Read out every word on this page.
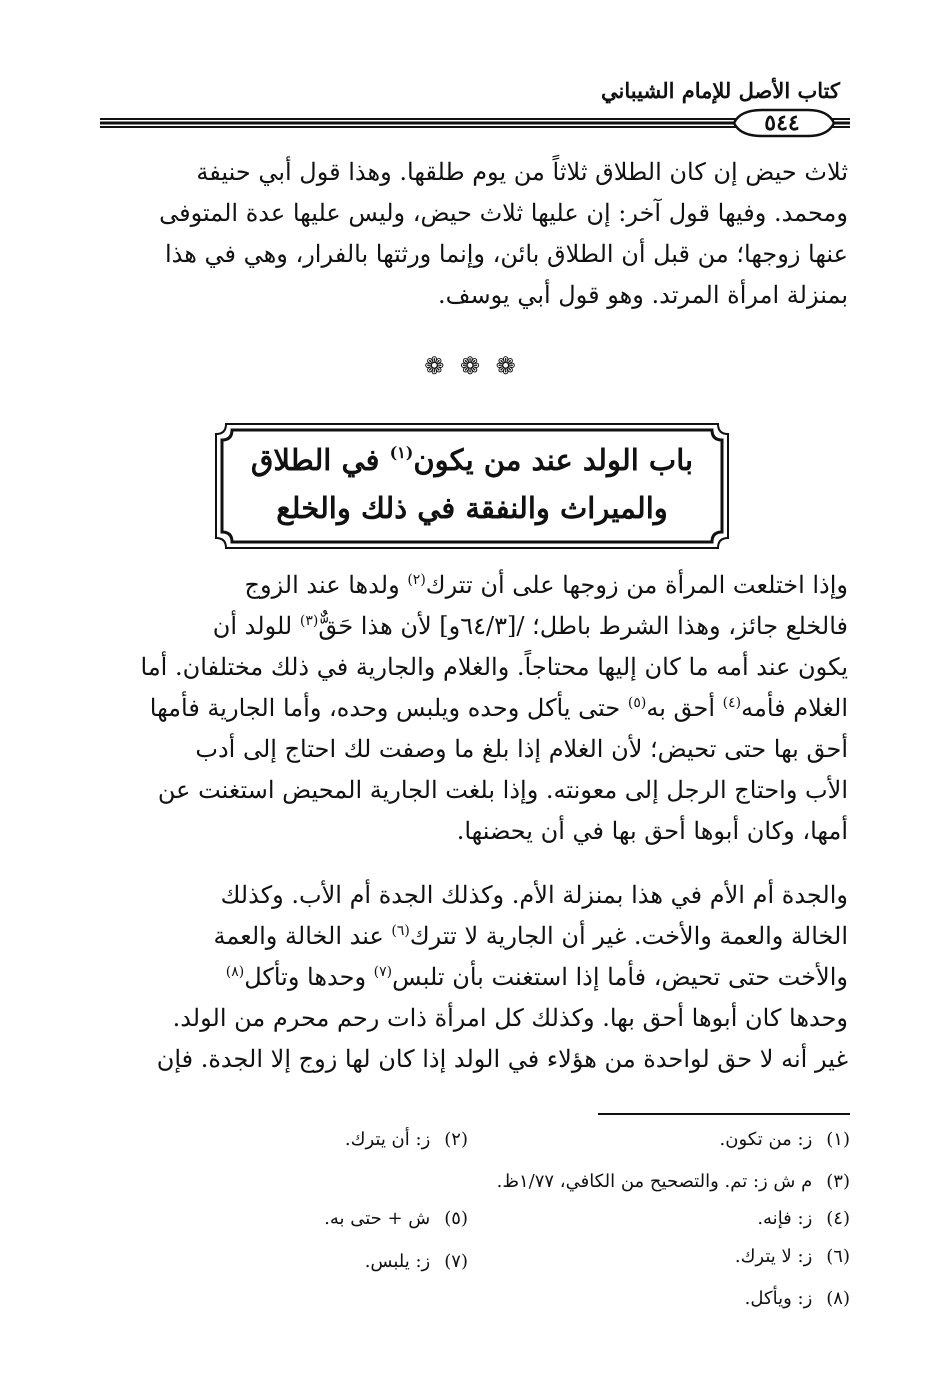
كتاب الأصل للإمام الشيباني
٥٤٤
ثلاث حيض إن كان الطلاق ثلاثاً من يوم طلقها. وهذا قول أبي حنيفة
ومحمد. وفيها قول آخر: إن عليها ثلاث حيض، وليس عليها عدة المتوفى
عنها زوجها؛ من قبل أن الطلاق بائن، وإنما ورثتها بالفرار، وهي في هذا
بمنزلة امرأة المرتد. وهو قول أبي يوسف.
❁ ❁ ❁
باب الولد عند من يكون$^{(١)}$ في الطلاق
والميراث والنفقة في ذلك والخلع
وإذا اختلعت المرأة من زوجها على أن تترك$^{(٢)}$ ولدها عند الزوج
فالخلع جائز، وهذا الشرط باطل؛ /[٦٤/٣و] لأن هذا حَقٌّ$^{(٣)}$ للولد أن
يكون عند أمه ما كان إليها محتاجاً. والغلام والجارية في ذلك مختلفان. أما
الغلام فأمه$^{(٤)}$ أحق به$^{(٥)}$ حتى يأكل وحده ويلبس وحده، وأما الجارية فأمها
أحق بها حتى تحيض؛ لأن الغلام إذا بلغ ما وصفت لك احتاج إلى أدب
الأب واحتاج الرجل إلى معونته. وإذا بلغت الجارية المحيض استغنت عن
أمها، وكان أبوها أحق بها في أن يحضنها.
والجدة أم الأم في هذا بمنزلة الأم. وكذلك الجدة أم الأب. وكذلك
الخالة والعمة والأخت. غير أن الجارية لا تترك$^{(٦)}$ عند الخالة والعمة
والأخت حتى تحيض، فأما إذا استغنت بأن تلبس$^{(٧)}$ وحدها وتأكل$^{(٨)}$
وحدها كان أبوها أحق بها. وكذلك كل امرأة ذات رحم محرم من الولد.
غير أنه لا حق لواحدة من هؤلاء في الولد إذا كان لها زوج إلا الجدة. فإن
(١)ز: من تكون.
(٢)ز: أن يترك.
(٣)م ش ز: تم. والتصحيح من الكافي، ١/٧٧ظ.
(٤)ز: فإنه.
(٥)ش + حتى به.
(٦)ز: لا يترك.
(٧)ز: يلبس.
(٨)ز: ويأكل.
